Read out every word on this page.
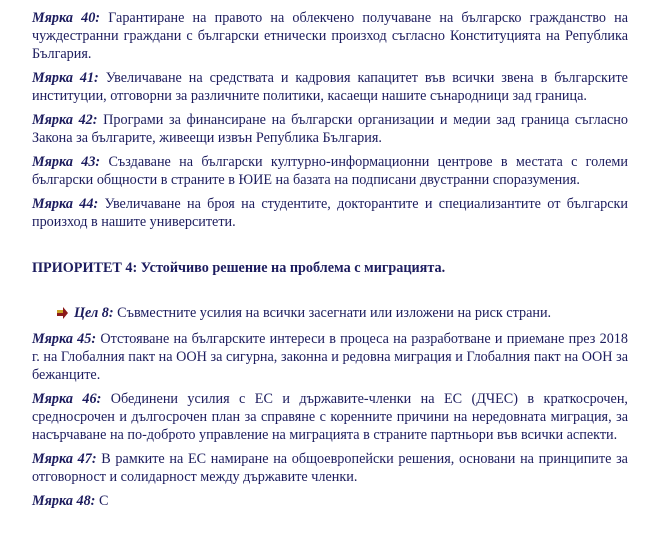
Мярка 40: Гарантиране на правото на облекчено получаване на българско гражданство на чуждестранни граждани с български етнически произход съгласно Конституцията на Република България.

Мярка 41: Увеличаване на средствата и кадровия капацитет във всички звена в българските институции, отговорни за различните политики, касаещи нашите сънародници зад граница.

Мярка 42: Програми за финансиране на български организации и медии зад граница съгласно Закона за българите, живеещи извън Република България.

Мярка 43: Създаване на български културно-информационни центрове в местата с големи български общности в страните в ЮИЕ на базата на подписани двустранни споразумения.

Мярка 44: Увеличаване на броя на студентите, докторантите и специализантите от български произход в нашите университети.

ПРИОРИТЕТ 4: Устойчиво решение на проблема с миграцията.

Цел 8: Съвместните усилия на всички засегнати или изложени на риск страни.

Мярка 45: Отстояване на българските интереси в процеса на разработване и приемане през 2018 г. на Глобалния пакт на ООН за сигурна, законна и редовна миграция и Глобалния пакт на ООН за бежанците.

Мярка 46: Обединени усилия с ЕС и държавите-членки на ЕС (ДЧЕС) в краткосрочен, средносрочен и дългосрочен план за справяне с коренните причини на нередовната миграция, за насърчаване на по-доброто управление на миграцията в страните партньори във всички аспекти.

Мярка 47: В рамките на ЕС намиране на общоевропейски решения, основани на принципите за отговорност и солидарност между държавите членки.

Мярка 48: С
